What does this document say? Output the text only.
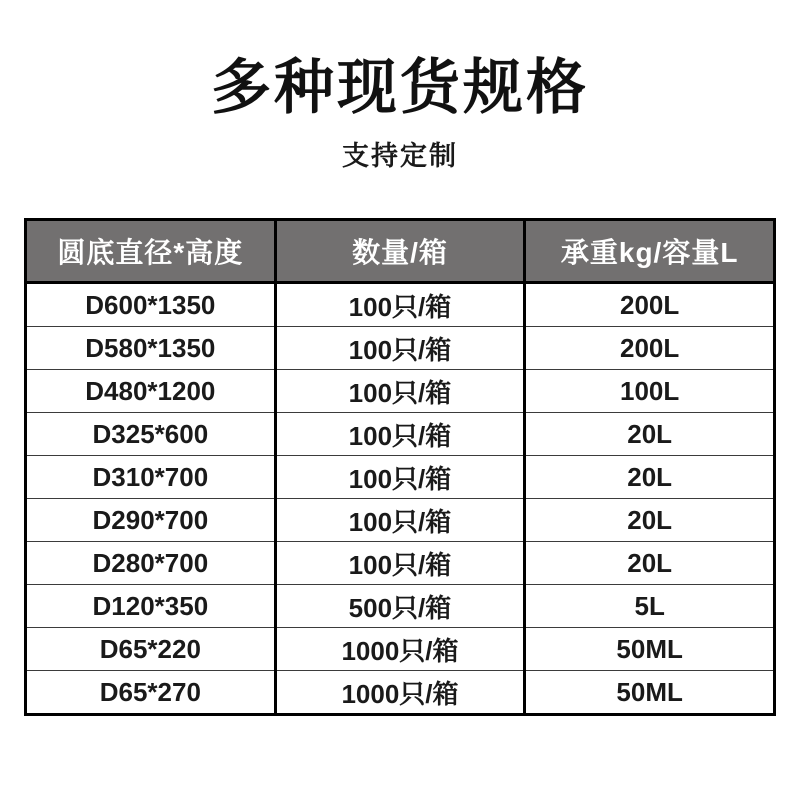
多种现货规格
支持定制
圆底直径*高度	数量/箱	承重kg/容量L
D600*1350	100只/箱	200L
D580*1350	100只/箱	200L
D480*1200	100只/箱	100L
D325*600	100只/箱	20L
D310*700	100只/箱	20L
D290*700	100只/箱	20L
D280*700	100只/箱	20L
D120*350	500只/箱	5L
D65*220	1000只/箱	50ML
D65*270	1000只/箱	50ML
